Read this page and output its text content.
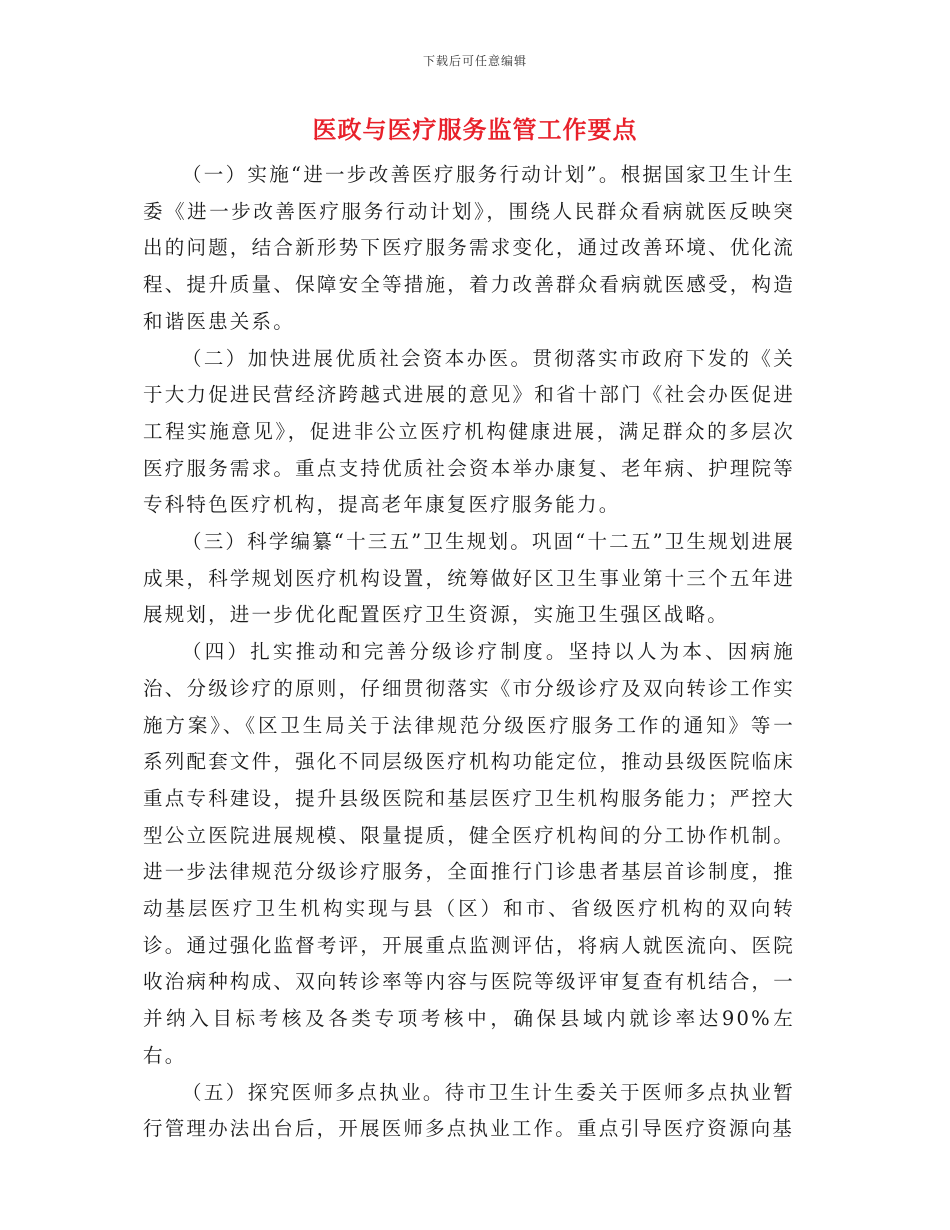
下载后可任意编辑
医政与医疗服务监管工作要点

（一）实施“进一步改善医疗服务行动计划”。根据国家卫生计生委《进一步改善医疗服务行动计划》，围绕人民群众看病就医反映突出的问题，结合新形势下医疗服务需求变化，通过改善环境、优化流程、提升质量、保障安全等措施，着力改善群众看病就医感受，构造和谐医患关系。

（二）加快进展优质社会资本办医。贯彻落实市政府下发的《关于大力促进民营经济跨越式进展的意见》和省十部门《社会办医促进工程实施意见》，促进非公立医疗机构健康进展，满足群众的多层次医疗服务需求。重点支持优质社会资本举办康复、老年病、护理院等专科特色医疗机构，提高老年康复医疗服务能力。

（三）科学编纂“十三五”卫生规划。巩固“十二五”卫生规划进展成果，科学规划医疗机构设置，统筹做好区卫生事业第十三个五年进展规划，进一步优化配置医疗卫生资源，实施卫生强区战略。

（四）扎实推动和完善分级诊疗制度。坚持以人为本、因病施治、分级诊疗的原则，仔细贯彻落实《市分级诊疗及双向转诊工作实施方案》、《区卫生局关于法律规范分级医疗服务工作的通知》等一系列配套文件，强化不同层级医疗机构功能定位，推动县级医院临床重点专科建设，提升县级医院和基层医疗卫生机构服务能力；严控大型公立医院进展规模、限量提质，健全医疗机构间的分工协作机制。进一步法律规范分级诊疗服务，全面推行门诊患者基层首诊制度，推动基层医疗卫生机构实现与县（区）和市、省级医疗机构的双向转诊。通过强化监督考评，开展重点监测评估，将病人就医流向、医院收治病种构成、双向转诊率等内容与医院等级评审复查有机结合，一并纳入目标考核及各类专项考核中，确保县域内就诊率达90%左右。

（五）探究医师多点执业。待市卫生计生委关于医师多点执业暂行管理办法出台后，开展医师多点执业工作。重点引导医疗资源向基
